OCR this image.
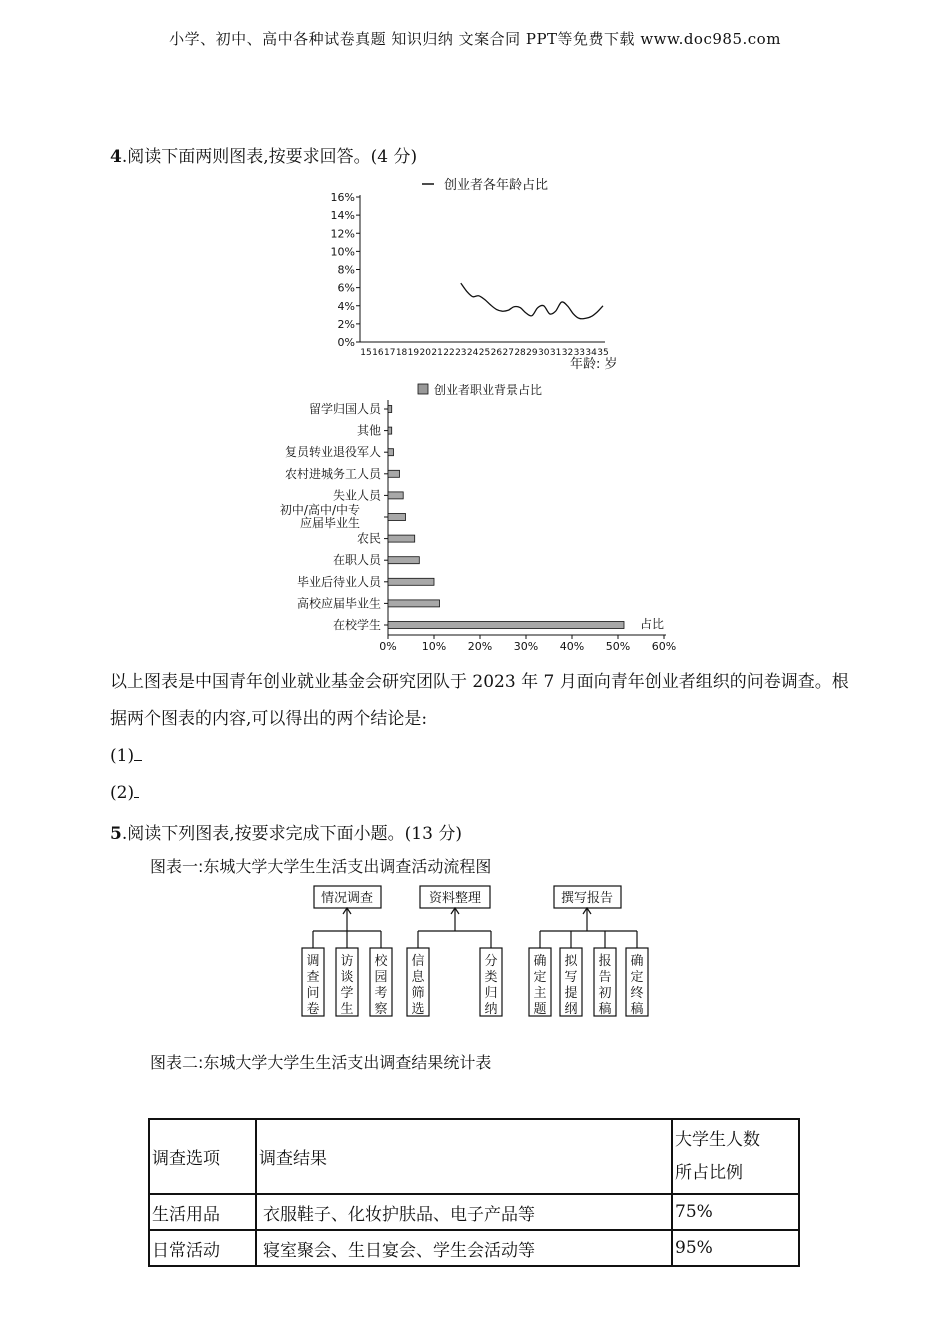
小学、初中、高中各种试卷真题 知识归纳 文案合同 PPT等免费下载 www.doc985.com
4.阅读下面两则图表,按要求回答。(4 分)
创业者各年龄占比
0%
2%
4%
6%
8%
10%
12%
14%
16%
15 16 17 18 19 20 21 22 23 24 25 26 27 28 29 30 31 32 33 34 35
年龄: 岁
创业者职业背景占比
留学归国人员
其他
复员转业退役军人
农村进城务工人员
失业人员
初中/高中/中专
应届毕业生
农民
在职人员
毕业后待业人员
高校应届毕业生
在校学生
0% 10% 20% 30% 40% 50% 60%
占比
以上图表是中国青年创业就业基金会研究团队于 2023 年 7 月面向青年创业者组织的问卷调查。根据两个图表的内容,可以得出的两个结论是:
(1)
(2)
5.阅读下列图表,按要求完成下面小题。(13 分)
图表一:东城大学大学生生活支出调查活动流程图
情况调查	资料整理	撰写报告
调查问卷
访谈学生
校园考察
信息筛选
分类归纳
确定主题
拟写提纲
报告初稿
确定终稿
图表二:东城大学大学生生活支出调查结果统计表
调查选项	调查结果	大学生人数
所占比例

生活用品	衣服鞋子、化妆护肤品、电子产品等	75%
日常活动	寝室聚会、生日宴会、学生会活动等	95%
